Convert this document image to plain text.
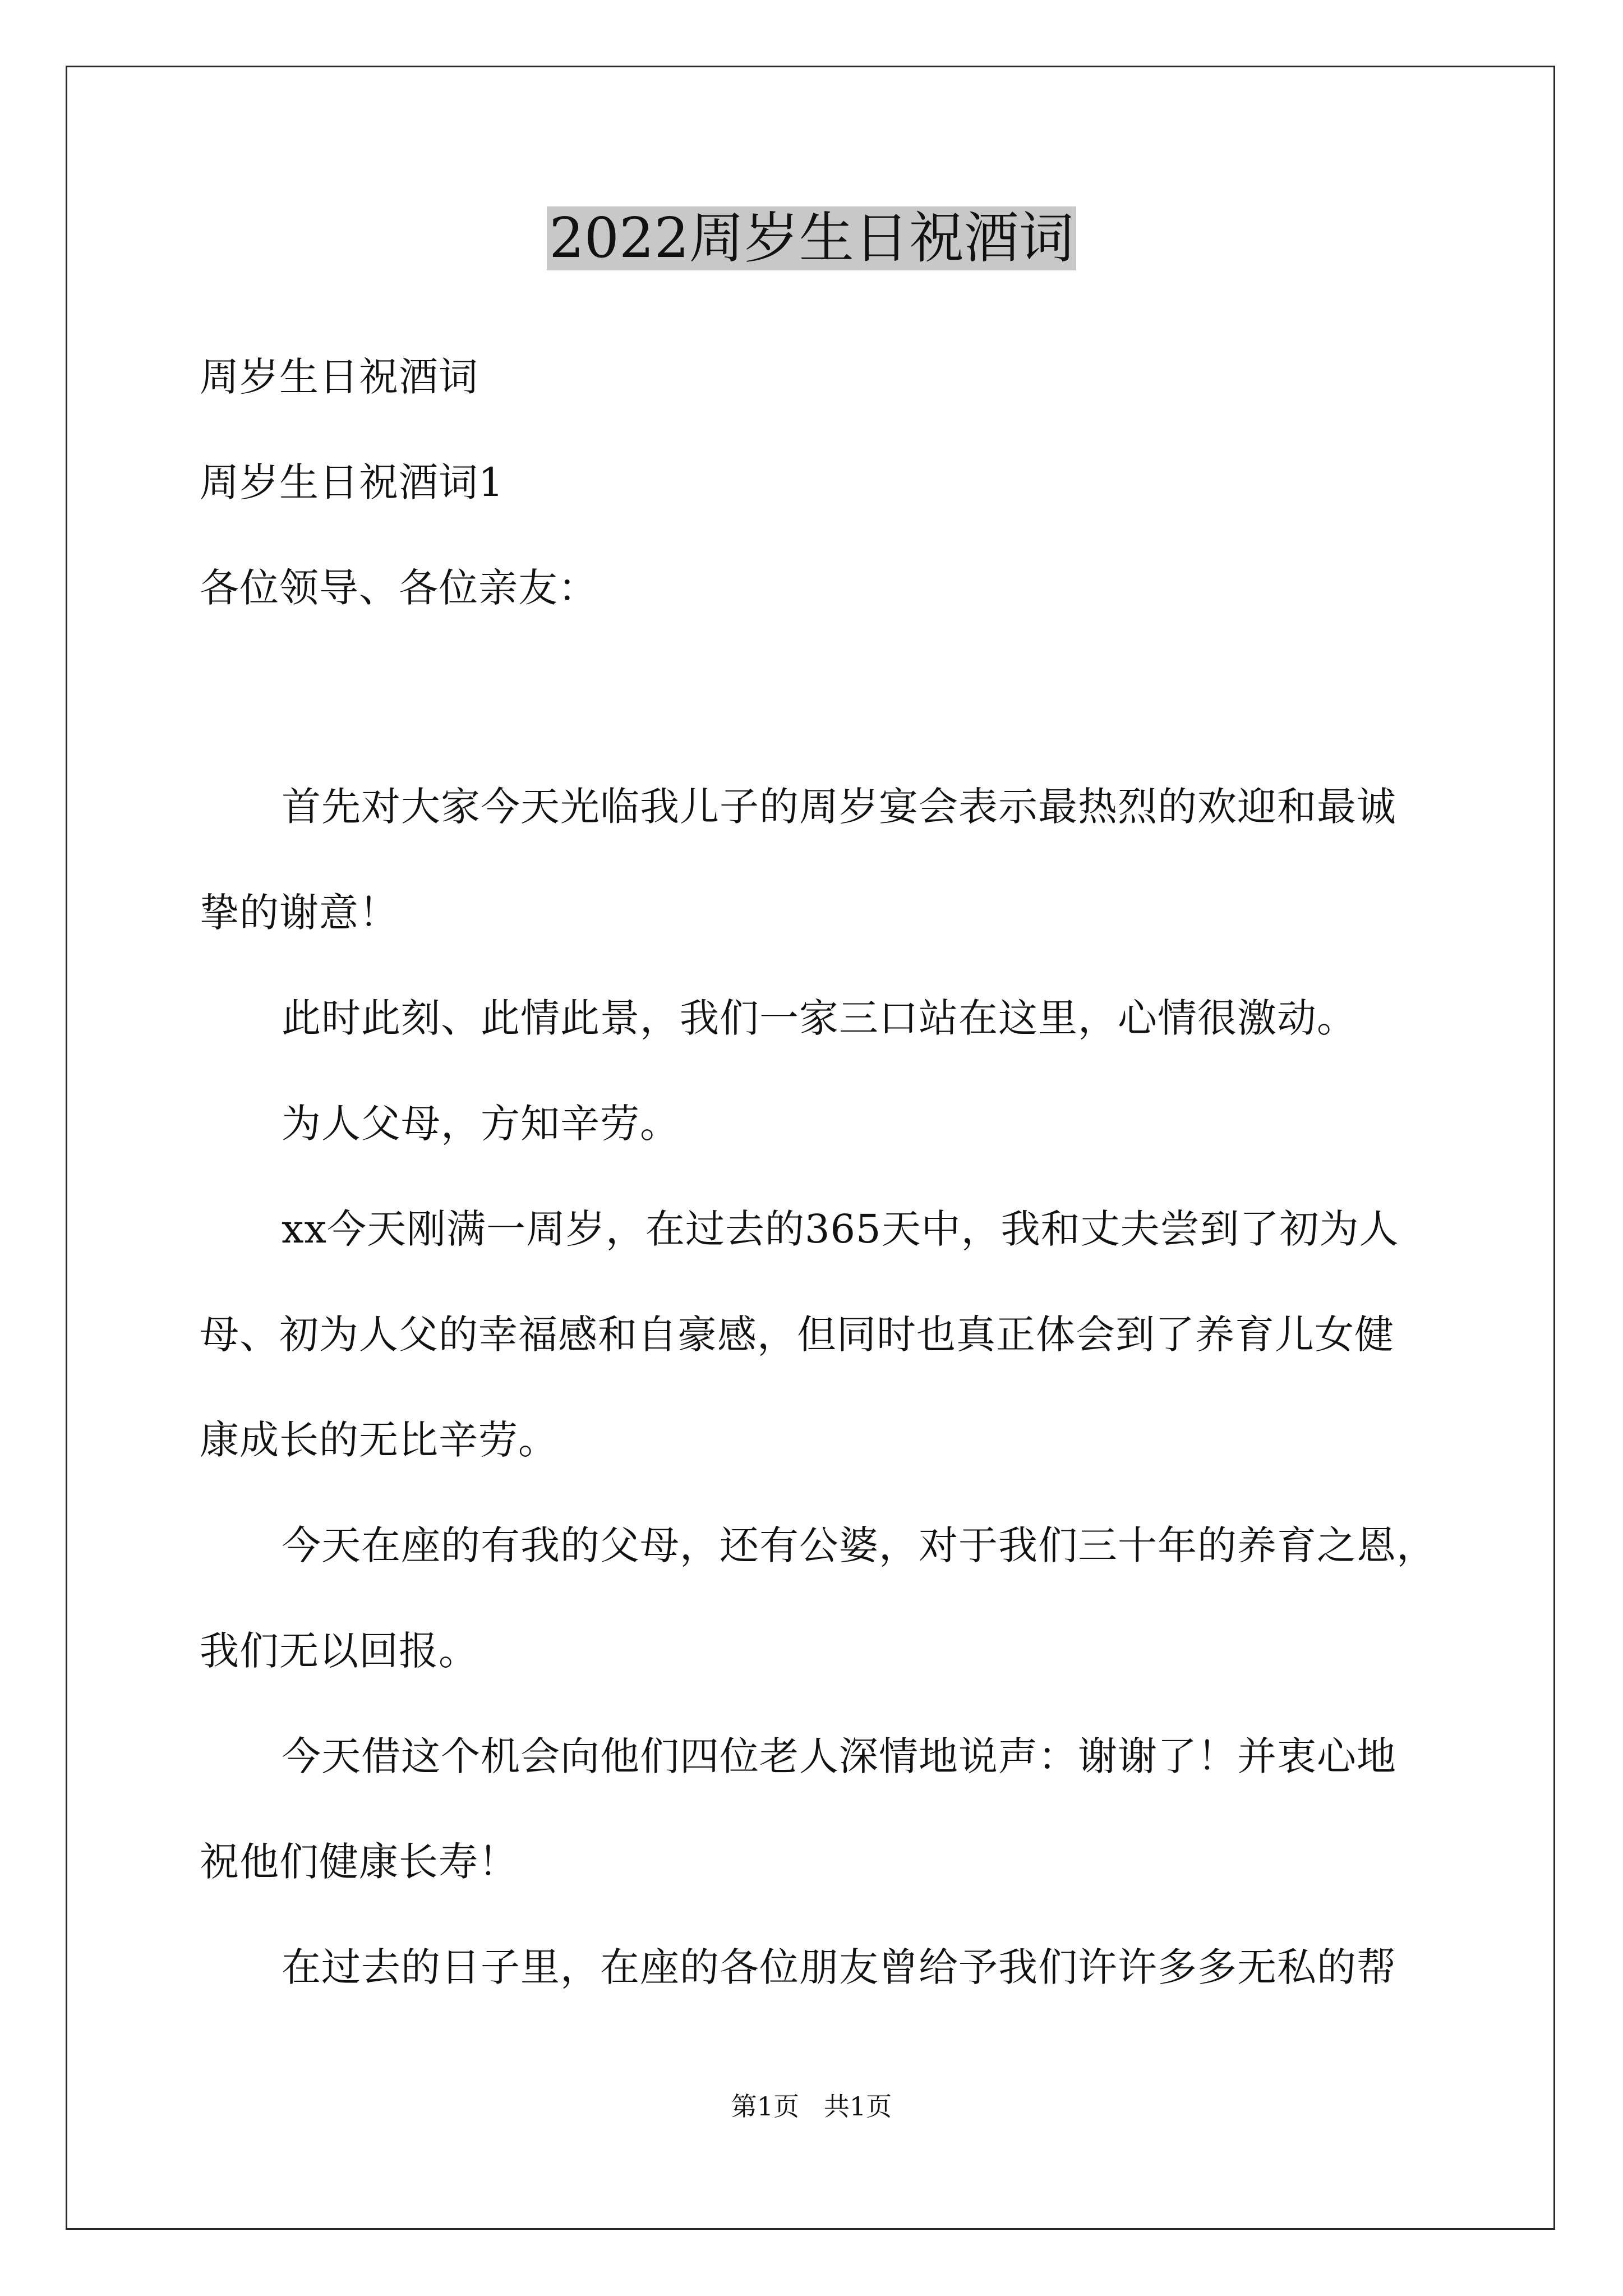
2022周岁生日祝酒词
周岁生日祝酒词
周岁生日祝酒词1
各位领导、各位亲友：
首先对大家今天光临我儿子的周岁宴会表示最热烈的欢迎和最诚
挚的谢意！
此时此刻、此情此景，我们一家三口站在这里，心情很激动。
为人父母，方知辛劳。
xx今天刚满一周岁，在过去的365天中，我和丈夫尝到了初为人
母、初为人父的幸福感和自豪感，但同时也真正体会到了养育儿女健
康成长的无比辛劳。
今天在座的有我的父母，还有公婆，对于我们三十年的养育之恩，
我们无以回报。
今天借这个机会向他们四位老人深情地说声：谢谢了！并衷心地
祝他们健康长寿！
在过去的日子里，在座的各位朋友曾给予我们许许多多无私的帮
第1页   共1页
